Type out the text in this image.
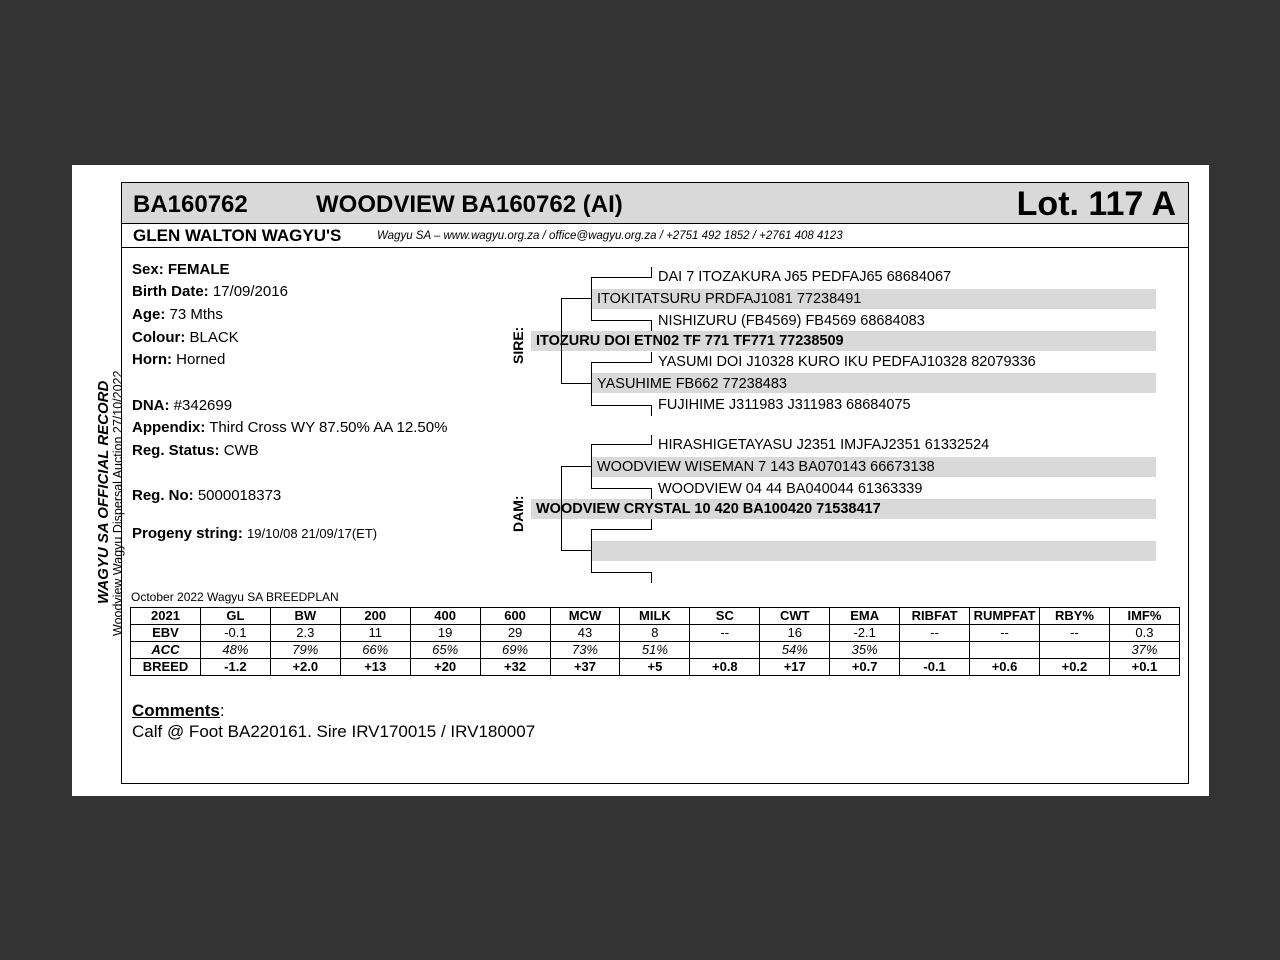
BA160762	WOODVIEW BA160762 (AI)	Lot. 117 A
GLEN WALTON WAGYU'S	Wagyu SA – www.wagyu.org.za / office@wagyu.org.za / +2751 492 1852 / +2761 408 4123
WAGYU SA OFFICIAL RECORD Woodview Wagyu Dispersal Auction 27/10/2022
Sex: FEMALE
Birth Date: 17/09/2016
Age: 73 Mths
Colour: BLACK
Horn: Horned
DNA: #342699
Appendix: Third Cross WY 87.50% AA 12.50%
Reg. Status: CWB
Reg. No: 5000018373
Progeny string: 19/10/08 21/09/17(ET)
SIRE:
DAM:
DAI 7 ITOZAKURA J65 PEDFAJ65 68684067
ITOKITATSURU PRDFAJ1081 77238491
NISHIZURU (FB4569) FB4569 68684083
ITOZURU DOI ETN02 TF 771 TF771 77238509
YASUMI DOI J10328 KURO IKU PEDFAJ10328 82079336
YASUHIME FB662 77238483
FUJIHIME J311983 J311983 68684075
HIRASHIGETAYASU J2351 IMJFAJ2351 61332524
WOODVIEW WISEMAN 7 143 BA070143 66673138
WOODVIEW 04 44 BA040044 61363339
WOODVIEW CRYSTAL 10 420 BA100420 71538417
October 2022 Wagyu SA BREEDPLAN
2021	GL	BW	200	400	600	MCW	MILK	SC	CWT	EMA	RIBFAT	RUMPFAT	RBY%	IMF%
EBV	-0.1	2.3	11	19	29	43	8	--	16	-2.1	--	--	--	0.3
ACC	48%	79%	66%	65%	69%	73%	51%		54%	35%				37%
BREED	-1.2	+2.0	+13	+20	+32	+37	+5	+0.8	+17	+0.7	-0.1	+0.6	+0.2	+0.1
Comments:
Calf @ Foot BA220161. Sire IRV170015 / IRV180007
